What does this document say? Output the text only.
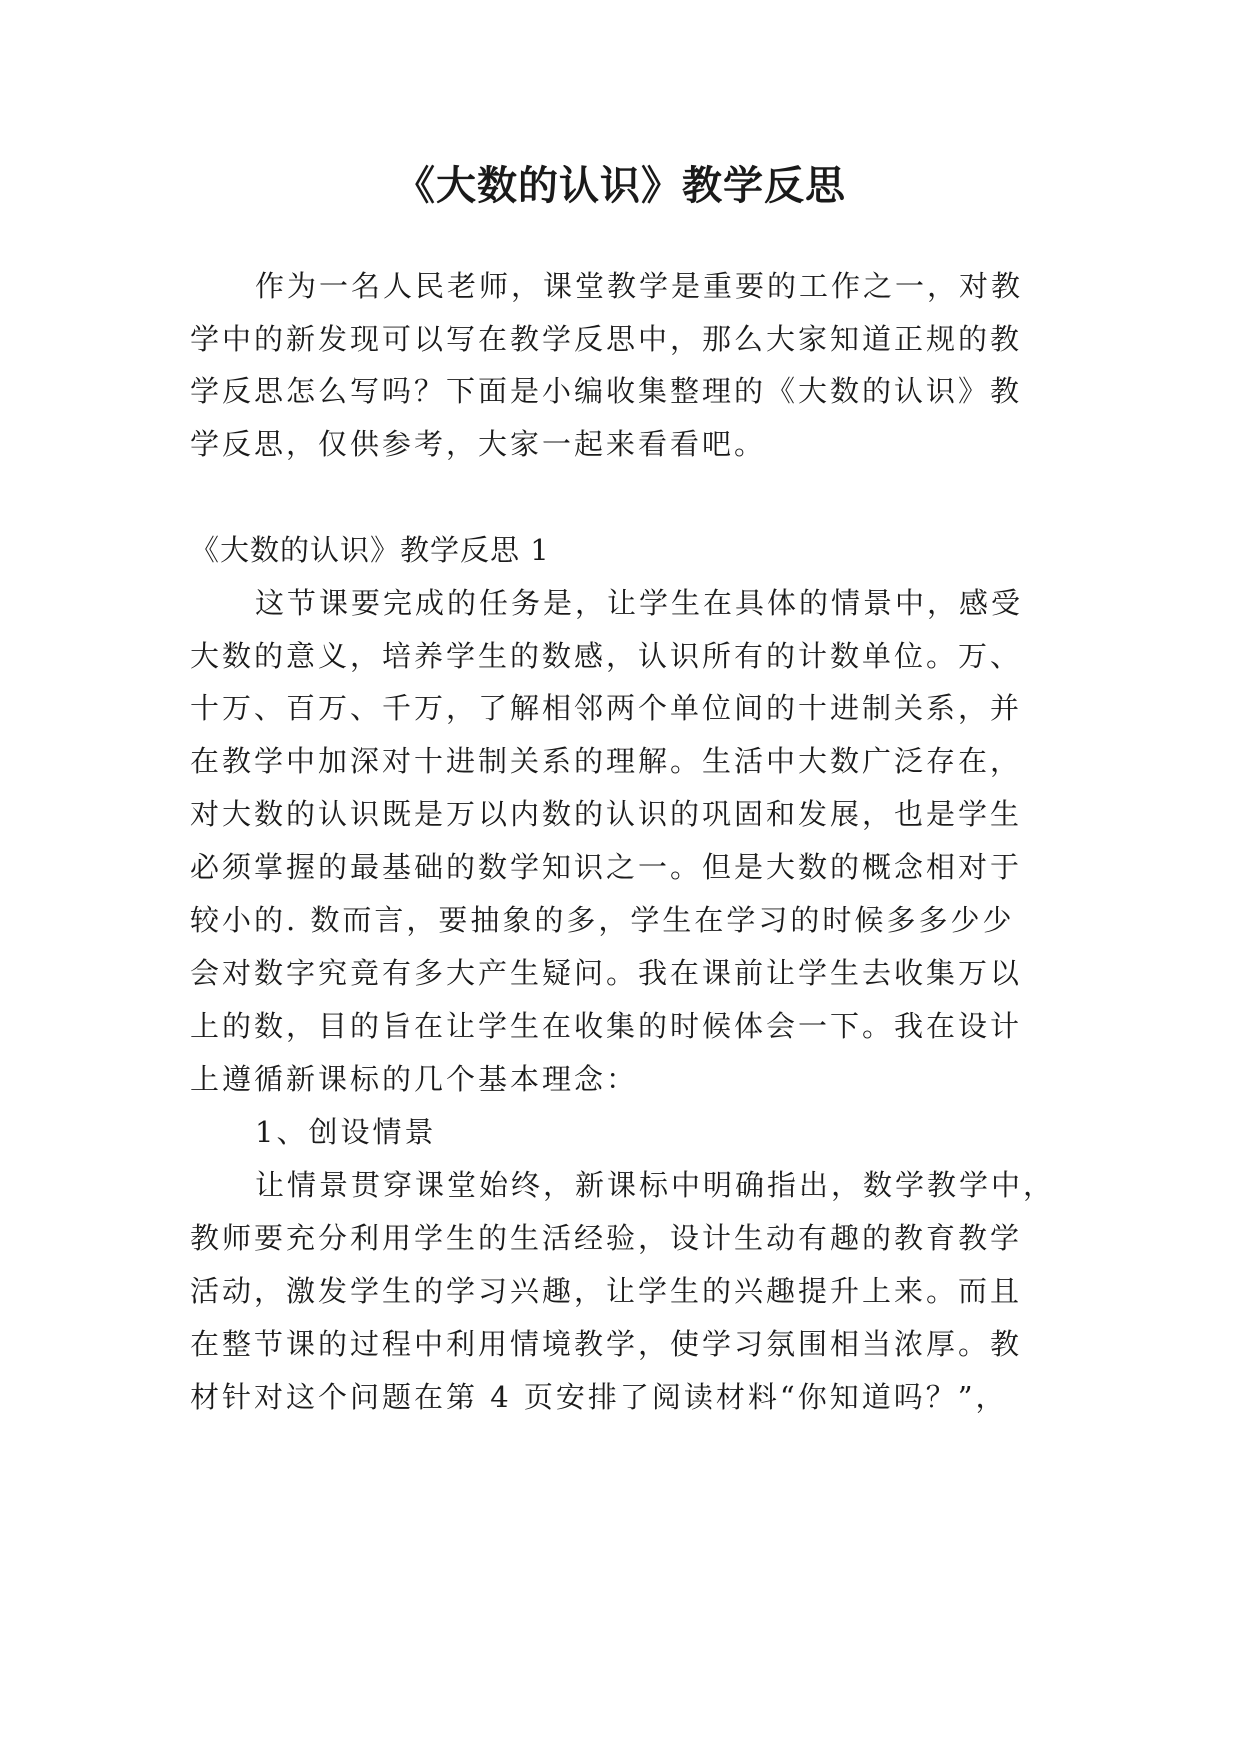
《大数的认识》教学反思

作为一名人民老师，课堂教学是重要的工作之一，对教

学中的新发现可以写在教学反思中，那么大家知道正规的教

学反思怎么写吗？下面是小编收集整理的《大数的认识》教

学反思，仅供参考，大家一起来看看吧。

《大数的认识》教学反思 1

这节课要完成的任务是，让学生在具体的情景中，感受

大数的意义，培养学生的数感，认识所有的计数单位。万、

十万、百万、千万，了解相邻两个单位间的十进制关系，并

在教学中加深对十进制关系的理解。生活中大数广泛存在，

对大数的认识既是万以内数的认识的巩固和发展，也是学生

必须掌握的最基础的数学知识之一。但是大数的概念相对于

较小的. 数而言，要抽象的多，学生在学习的时候多多少少

会对数字究竟有多大产生疑问。我在课前让学生去收集万以

上的数，目的旨在让学生在收集的时候体会一下。我在设计

上遵循新课标的几个基本理念：

1、创设情景

让情景贯穿课堂始终，新课标中明确指出，数学教学中，

教师要充分利用学生的生活经验，设计生动有趣的教育教学

活动，激发学生的学习兴趣，让学生的兴趣提升上来。而且

在整节课的过程中利用情境教学，使学习氛围相当浓厚。教

材针对这个问题在第 4 页安排了阅读材料“你知道吗？”，
